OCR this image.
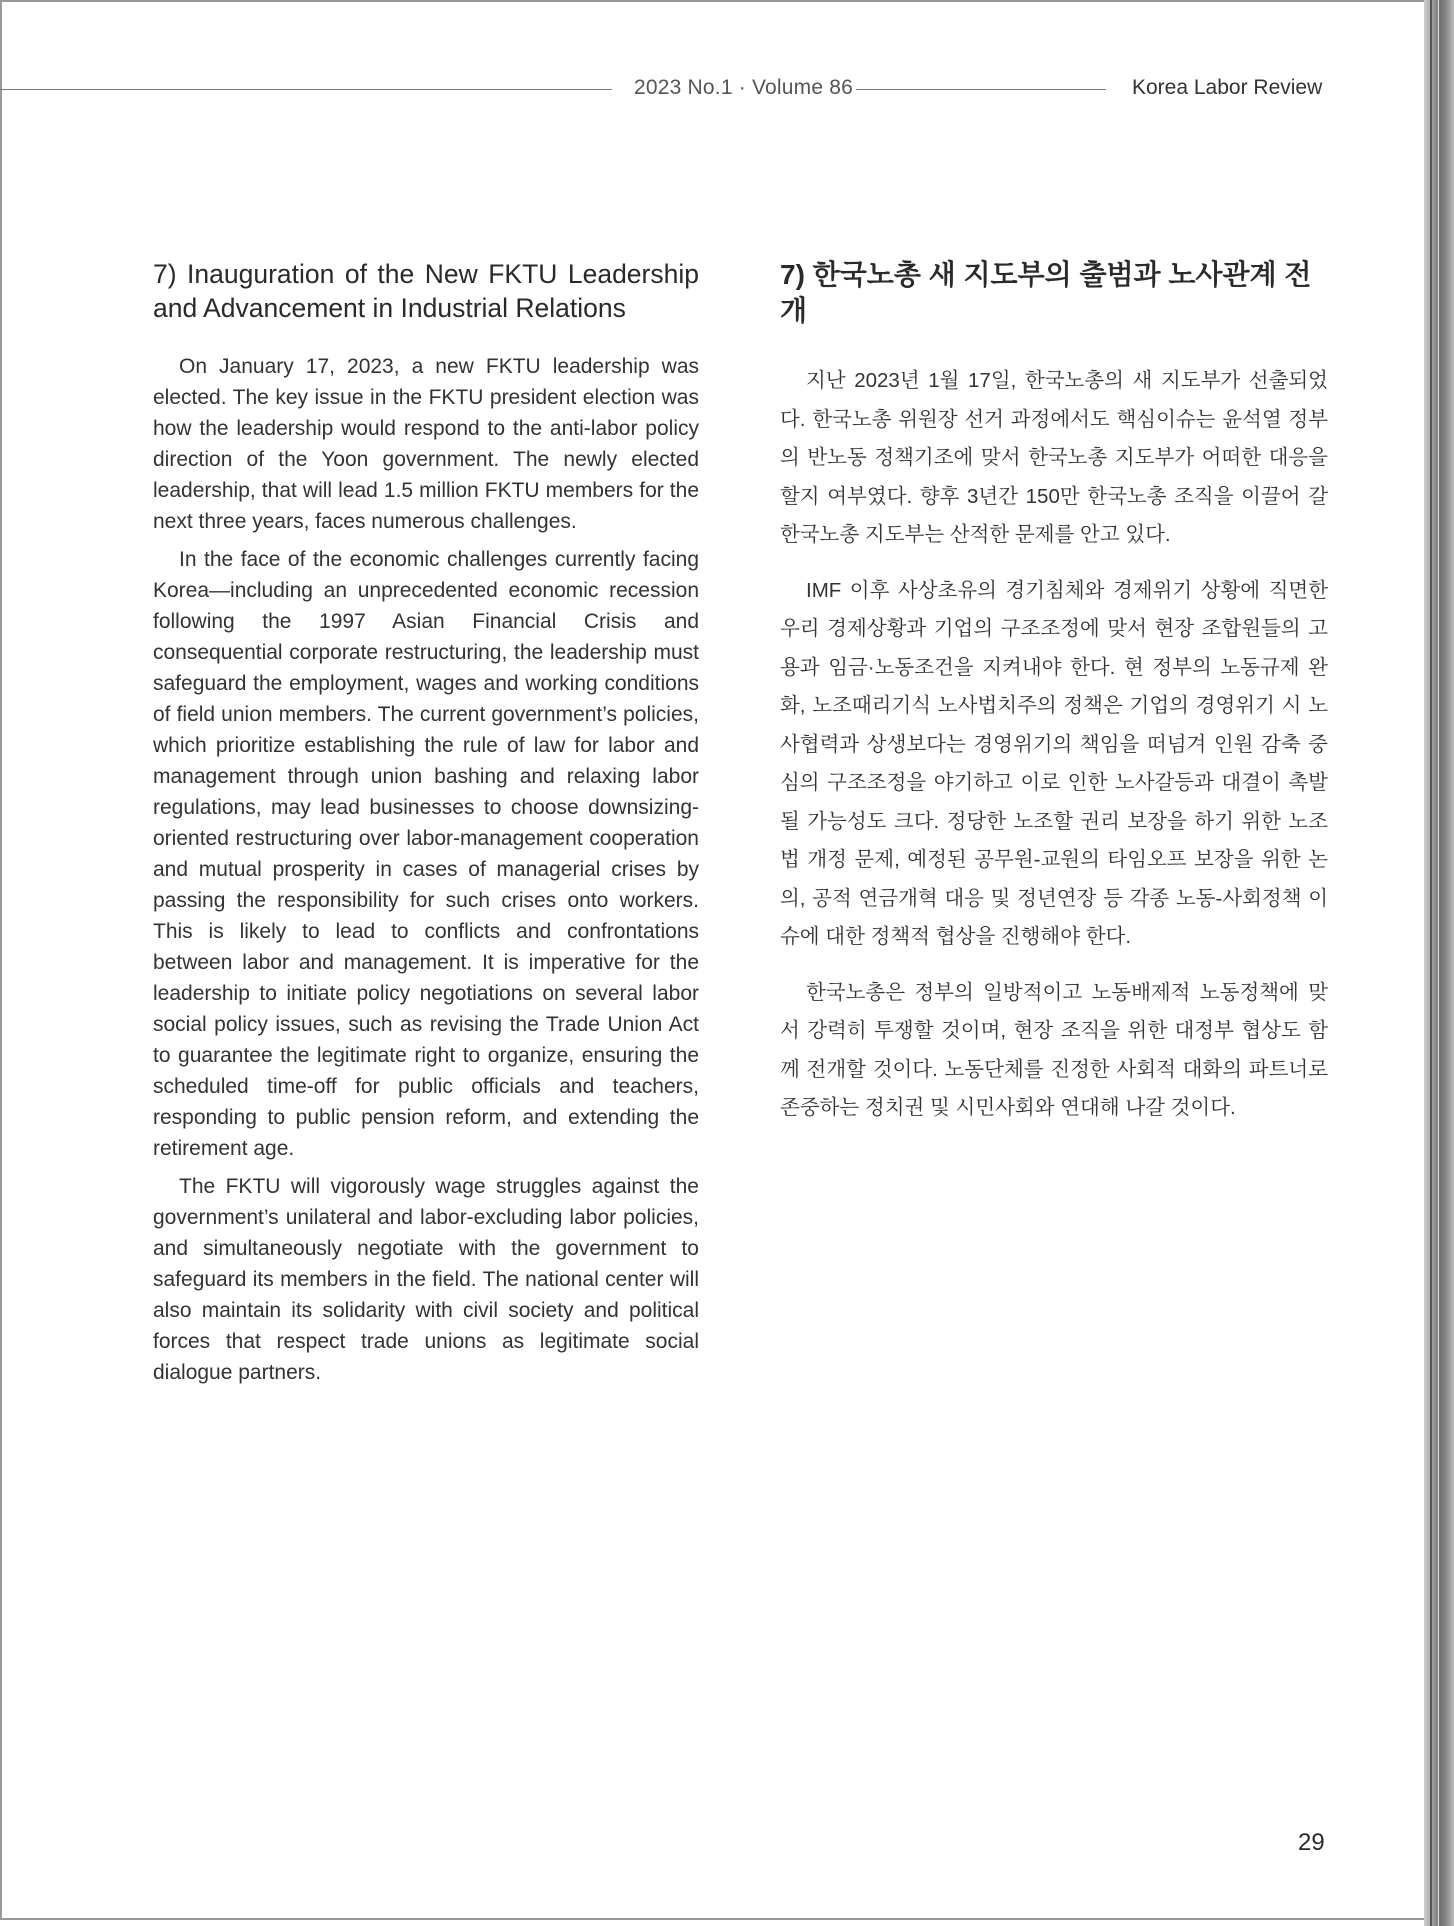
2023 No.1 · Volume 86	Korea Labor Review
7) Inauguration of the New FKTU Leadership and Advancement in Industrial Relations

On January 17, 2023, a new FKTU leadership was elected. The key issue in the FKTU president election was how the leadership would respond to the anti-labor policy direction of the Yoon government. The newly elected leadership, that will lead 1.5 million FKTU members for the next three years, faces numerous challenges.

In the face of the economic challenges currently facing Korea—including an unprecedented economic recession following the 1997 Asian Financial Crisis and consequential corporate restructuring, the leadership must safeguard the employment, wages and working conditions of field union members. The current government’s policies, which prioritize establishing the rule of law for labor and management through union bashing and relaxing labor regulations, may lead businesses to choose downsizing-oriented restructuring over labor-management cooperation and mutual prosperity in cases of managerial crises by passing the responsibility for such crises onto workers. This is likely to lead to conflicts and confrontations between labor and management. It is imperative for the leadership to initiate policy negotiations on several labor social policy issues, such as revising the Trade Union Act to guarantee the legitimate right to organize, ensuring the scheduled time-off for public officials and teachers, responding to public pension reform, and extending the retirement age.

The FKTU will vigorously wage struggles against the government’s unilateral and labor-excluding labor policies, and simultaneously negotiate with the government to safeguard its members in the field. The national center will also maintain its solidarity with civil society and political forces that respect trade unions as legitimate social dialogue partners.

7) 한국노총 새 지도부의 출범과 노사관계 전개

지난 2023년 1월 17일, 한국노총의 새 지도부가 선출되었다. 한국노총 위원장 선거 과정에서도 핵심이슈는 윤석열 정부의 반노동 정책기조에 맞서 한국노총 지도부가 어떠한 대응을 할지 여부였다. 향후 3년간 150만 한국노총 조직을 이끌어 갈 한국노총 지도부는 산적한 문제를 안고 있다.

IMF 이후 사상초유의 경기침체와 경제위기 상황에 직면한 우리 경제상황과 기업의 구조조정에 맞서 현장 조합원들의 고용과 임금·노동조건을 지켜내야 한다. 현 정부의 노동규제 완화, 노조때리기식 노사법치주의 정책은 기업의 경영위기 시 노사협력과 상생보다는 경영위기의 책임을 떠넘겨 인원 감축 중심의 구조조정을 야기하고 이로 인한 노사갈등과 대결이 촉발될 가능성도 크다. 정당한 노조할 권리 보장을 하기 위한 노조법 개정 문제, 예정된 공무원-교원의 타임오프 보장을 위한 논의, 공적 연금개혁 대응 및 정년연장 등 각종 노동-사회정책 이슈에 대한 정책적 협상을 진행해야 한다.

한국노총은 정부의 일방적이고 노동배제적 노동정책에 맞서 강력히 투쟁할 것이며, 현장 조직을 위한 대정부 협상도 함께 전개할 것이다. 노동단체를 진정한 사회적 대화의 파트너로 존중하는 정치권 및 시민사회와 연대해 나갈 것이다.

29
